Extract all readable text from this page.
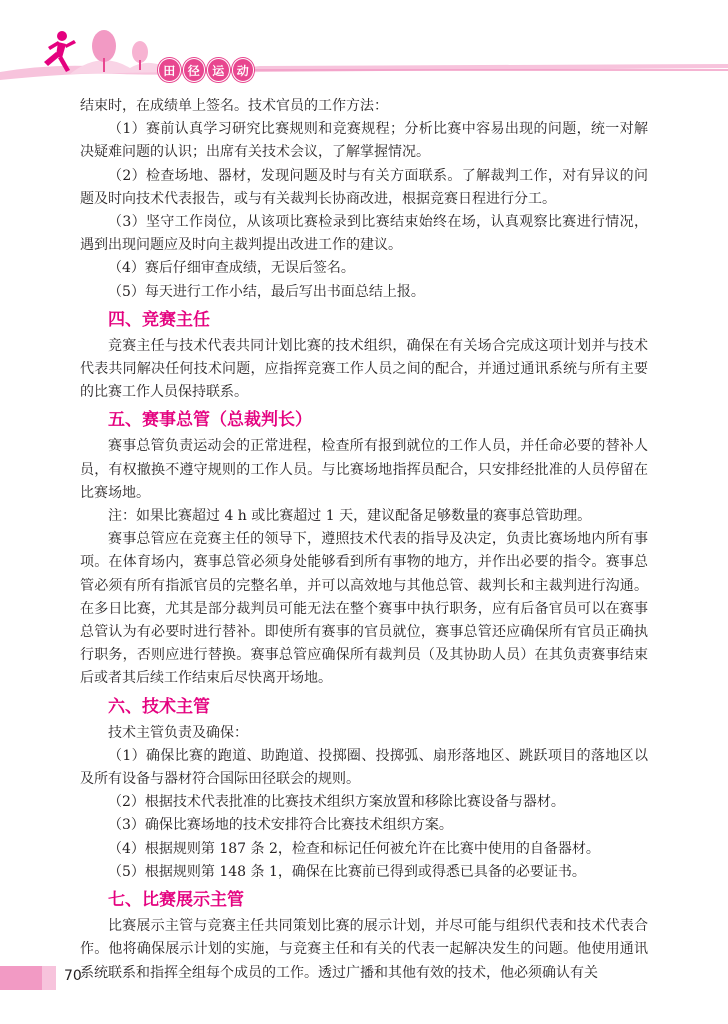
田	径	运	动

结束时，在成绩单上签名。技术官员的工作方法：

（1）赛前认真学习研究比赛规则和竞赛规程；分析比赛中容易出现的问题，统一对解决疑难问题的认识；出席有关技术会议，了解掌握情况。

（2）检查场地、器材，发现问题及时与有关方面联系。了解裁判工作，对有异议的问题及时向技术代表报告，或与有关裁判长协商改进，根据竞赛日程进行分工。

（3）坚守工作岗位，从该项比赛检录到比赛结束始终在场，认真观察比赛进行情况，遇到出现问题应及时向主裁判提出改进工作的建议。

（4）赛后仔细审查成绩，无误后签名。

（5）每天进行工作小结，最后写出书面总结上报。

四、竞赛主任

竞赛主任与技术代表共同计划比赛的技术组织，确保在有关场合完成这项计划并与技术代表共同解决任何技术问题，应指挥竞赛工作人员之间的配合，并通过通讯系统与所有主要的比赛工作人员保持联系。

五、赛事总管（总裁判长）

赛事总管负责运动会的正常进程，检查所有报到就位的工作人员，并任命必要的替补人员，有权撤换不遵守规则的工作人员。与比赛场地指挥员配合，只安排经批准的人员停留在比赛场地。

注：如果比赛超过 4 h 或比赛超过 1 天，建议配备足够数量的赛事总管助理。

赛事总管应在竞赛主任的领导下，遵照技术代表的指导及决定，负责比赛场地内所有事项。在体育场内，赛事总管必须身处能够看到所有事物的地方，并作出必要的指令。赛事总管必须有所有指派官员的完整名单，并可以高效地与其他总管、裁判长和主裁判进行沟通。在多日比赛，尤其是部分裁判员可能无法在整个赛事中执行职务，应有后备官员可以在赛事总管认为有必要时进行替补。即使所有赛事的官员就位，赛事总管还应确保所有官员正确执行职务，否则应进行替换。赛事总管应确保所有裁判员（及其协助人员）在其负责赛事结束后或者其后续工作结束后尽快离开场地。

六、技术主管

技术主管负责及确保：

（1）确保比赛的跑道、助跑道、投掷圈、投掷弧、扇形落地区、跳跃项目的落地区以及所有设备与器材符合国际田径联会的规则。

（2）根据技术代表批准的比赛技术组织方案放置和移除比赛设备与器材。

（3）确保比赛场地的技术安排符合比赛技术组织方案。

（4）根据规则第 187 条 2，检查和标记任何被允许在比赛中使用的自备器材。

（5）根据规则第 148 条 1，确保在比赛前已得到或得悉已具备的必要证书。

七、比赛展示主管

比赛展示主管与竞赛主任共同策划比赛的展示计划，并尽可能与组织代表和技术代表合作。他将确保展示计划的实施，与竞赛主任和有关的代表一起解决发生的问题。他使用通讯系统联系和指挥全组每个成员的工作。透过广播和其他有效的技术，他必须确认有关

70
